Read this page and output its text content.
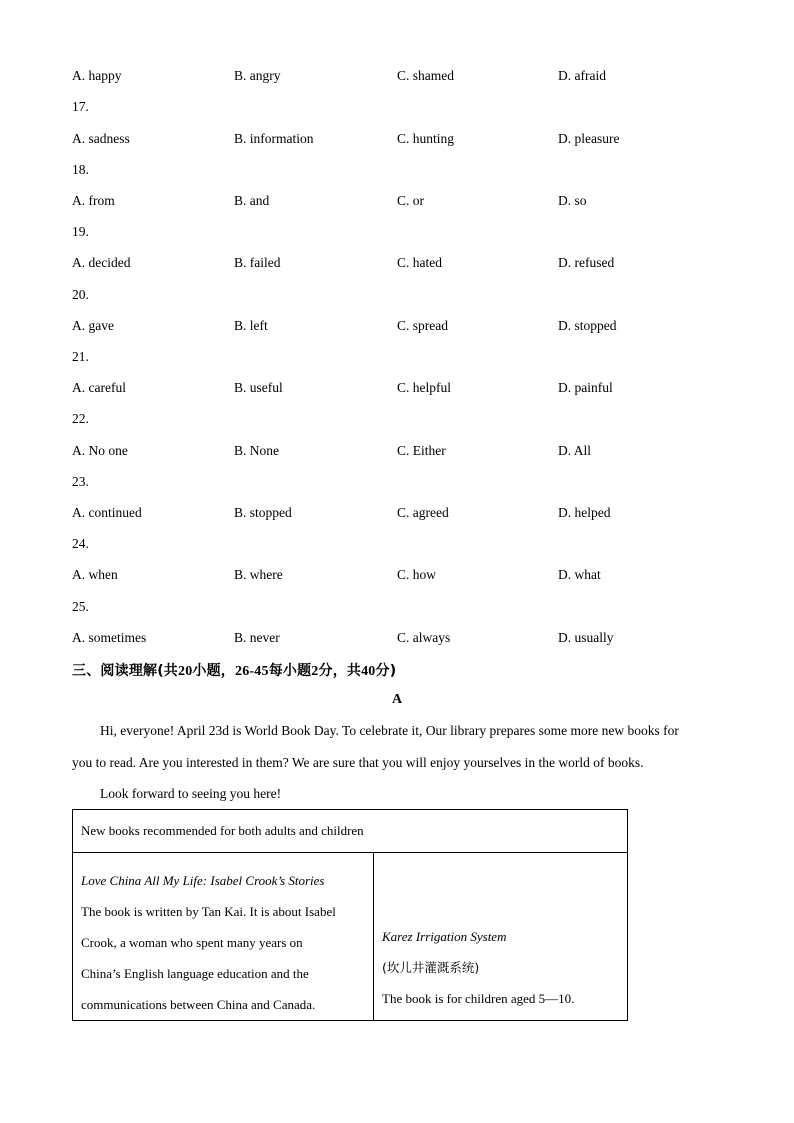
A. happy	B. angry	C. shamed	D. afraid
17.
A. sadness	B. information	C. hunting	D. pleasure
18.
A. from	B. and	C. or	D. so
19.
A. decided	B. failed	C. hated	D. refused
20.
A. gave	B. left	C. spread	D. stopped
21.
A. careful	B. useful	C. helpful	D. painful
22.
A. No one	B. None	C. Either	D. All
23.
A. continued	B. stopped	C. agreed	D. helped
24.
A. when	B. where	C. how	D. what
25.
A. sometimes	B. never	C. always	D. usually
三、阅读理解(共20小题，26-45每小题2分，共40分)
A
Hi, everyone! April 23d is World Book Day. To celebrate it, Our library prepares some more new books for
you to read. Are you interested in them? We are sure that you will enjoy yourselves in the world of books.
Look forward to seeing you here!
New books recommended for both adults and children

Love China All My Life: Isabel Crook’s Stories
The book is written by Tan Kai. It is about Isabel
Crook, a woman who spent many years on
China’s English language education and the
communications between China and Canada.

Karez Irrigation System
(坎儿井灌溉系统)
The book is for children aged 5—10.
